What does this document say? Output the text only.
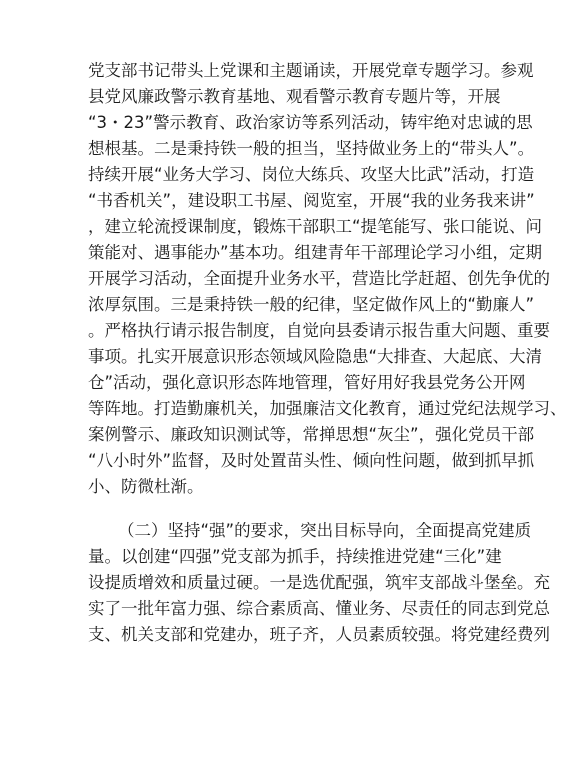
党支部书记带头上党课和主题诵读，开展党章专题学习。参观
县党风廉政警示教育基地、观看警示教育专题片等，开展
“3・23”警示教育、政治家访等系列活动，铸牢绝对忠诚的思
想根基。二是秉持铁一般的担当，坚持做业务上的“带头人”。
持续开展“业务大学习、岗位大练兵、攻坚大比武”活动，打造
“书香机关”，建设职工书屋、阅览室，开展“我的业务我来讲”
，建立轮流授课制度，锻炼干部职工“提笔能写、张口能说、问
策能对、遇事能办”基本功。组建青年干部理论学习小组，定期
开展学习活动，全面提升业务水平，营造比学赶超、创先争优的
浓厚氛围。三是秉持铁一般的纪律，坚定做作风上的“勤廉人”
。严格执行请示报告制度，自觉向县委请示报告重大问题、重要
事项。扎实开展意识形态领域风险隐患“大排查、大起底、大清
仓”活动，强化意识形态阵地管理，管好用好我县党务公开网
等阵地。打造勤廉机关，加强廉洁文化教育，通过党纪法规学习、
案例警示、廉政知识测试等，常掸思想“灰尘”，强化党员干部
“八小时外”监督，及时处置苗头性、倾向性问题，做到抓早抓
小、防微杜渐。
（二）坚持“强”的要求，突出目标导向，全面提高党建质
量。以创建“四强”党支部为抓手，持续推进党建“三化”建
设提质增效和质量过硬。一是选优配强，筑牢支部战斗堡垒。充
实了一批年富力强、综合素质高、懂业务、尽责任的同志到党总
支、机关支部和党建办，班子齐，人员素质较强。将党建经费列
